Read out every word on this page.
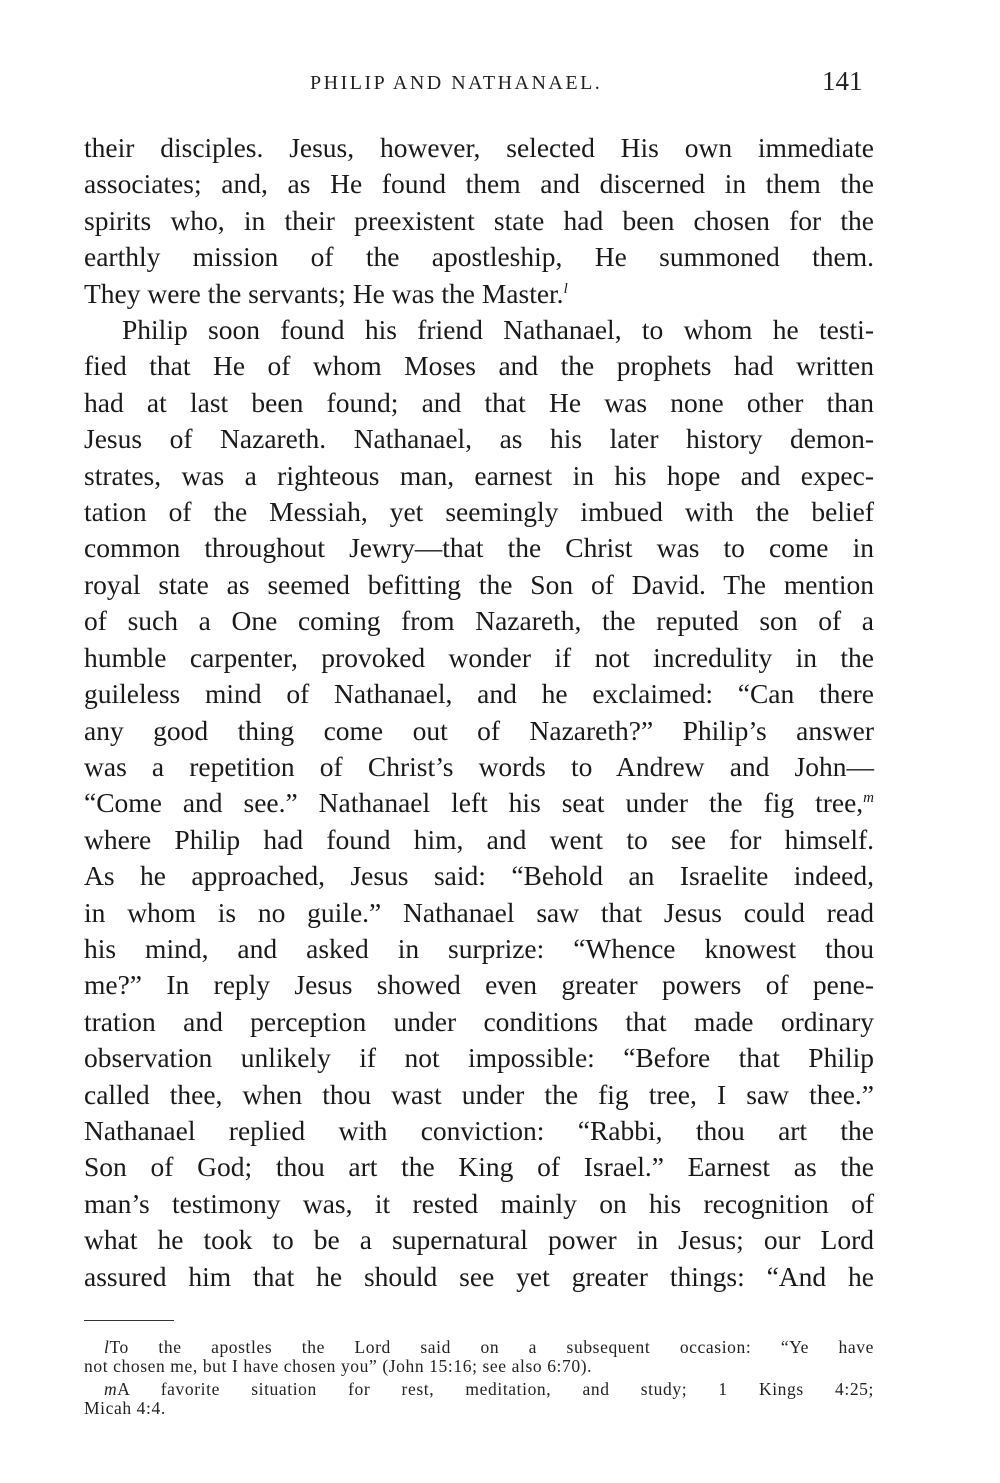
PHILIP AND NATHANAEL.	141

their disciples. Jesus, however, selected His own immediate
associates; and, as He found them and discerned in them the
spirits who, in their preexistent state had been chosen for the
earthly mission of the apostleship, He summoned them.
They were the servants; He was the Master.$^l$

Philip soon found his friend Nathanael, to whom he testi-
fied that He of whom Moses and the prophets had written
had at last been found; and that He was none other than
Jesus of Nazareth. Nathanael, as his later history demon-
strates, was a righteous man, earnest in his hope and expec-
tation of the Messiah, yet seemingly imbued with the belief
common throughout Jewry—that the Christ was to come in
royal state as seemed befitting the Son of David. The mention
of such a One coming from Nazareth, the reputed son of a
humble carpenter, provoked wonder if not incredulity in the
guileless mind of Nathanael, and he exclaimed: “Can there
any good thing come out of Nazareth?” Philip’s answer
was a repetition of Christ’s words to Andrew and John—
“Come and see.” Nathanael left his seat under the fig tree,$^m$
where Philip had found him, and went to see for himself.
As he approached, Jesus said: “Behold an Israelite indeed,
in whom is no guile.” Nathanael saw that Jesus could read
his mind, and asked in surprize: “Whence knowest thou
me?” In reply Jesus showed even greater powers of pene-
tration and perception under conditions that made ordinary
observation unlikely if not impossible: “Before that Philip
called thee, when thou wast under the fig tree, I saw thee.”
Nathanael replied with conviction: “Rabbi, thou art the
Son of God; thou art the King of Israel.” Earnest as the
man’s testimony was, it rested mainly on his recognition of
what he took to be a supernatural power in Jesus; our Lord
assured him that he should see yet greater things: “And he

lTo the apostles the Lord said on a subsequent occasion: “Ye have
not chosen me, but I have chosen you” (John 15:16; see also 6:70).

mA favorite situation for rest, meditation, and study; 1 Kings 4:25;
Micah 4:4.
